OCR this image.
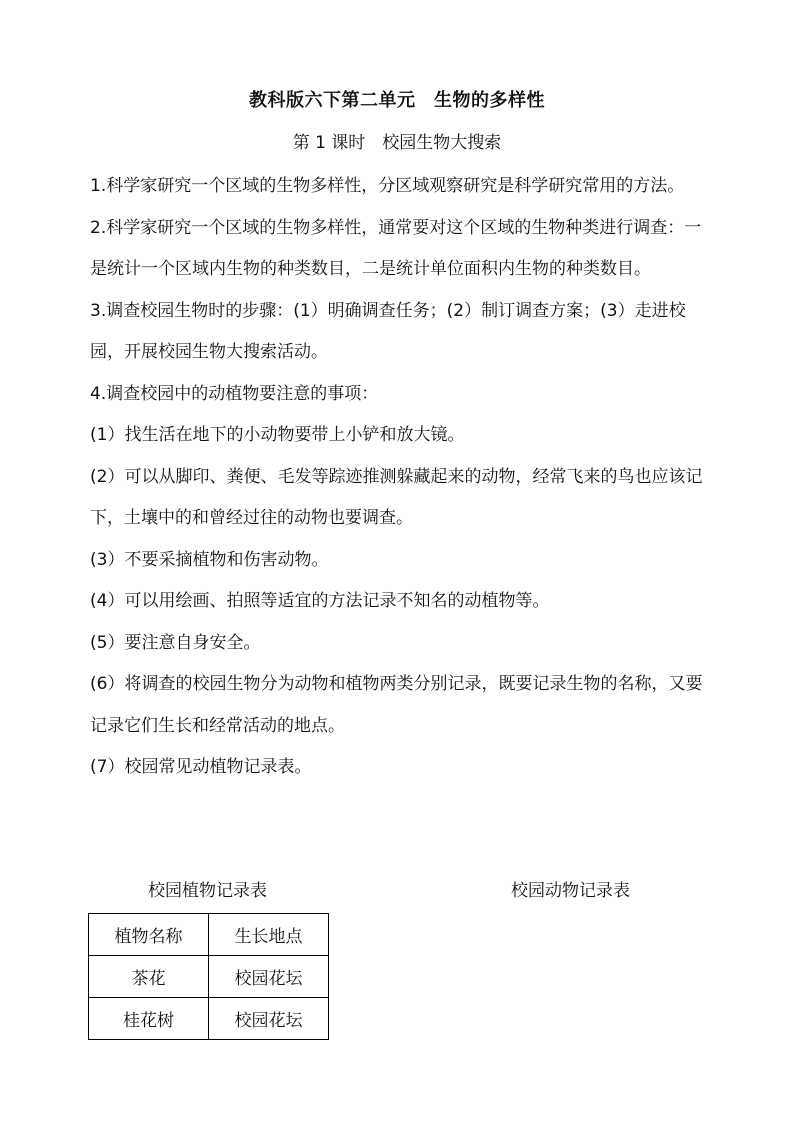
教科版六下第二单元　生物的多样性
第 1 课时　校园生物大搜索

1.科学家研究一个区域的生物多样性，分区域观察研究是科学研究常用的方法。

2.科学家研究一个区域的生物多样性，通常要对这个区域的生物种类进行调查：一是统计一个区域内生物的种类数目，二是统计单位面积内生物的种类数目。

3.调查校园生物时的步骤：(1）明确调查任务；(2）制订调查方案；(3）走进校园，开展校园生物大搜索活动。

4.调查校园中的动植物要注意的事项：

(1）找生活在地下的小动物要带上小铲和放大镜。

(2）可以从脚印、粪便、毛发等踪迹推测躲藏起来的动物，经常飞来的鸟也应该记下，土壤中的和曾经过往的动物也要调查。

(3）不要采摘植物和伤害动物。

(4）可以用绘画、拍照等适宜的方法记录不知名的动植物等。

(5）要注意自身安全。

(6）将调查的校园生物分为动物和植物两类分别记录，既要记录生物的名称，又要记录它们生长和经常活动的地点。

(7）校园常见动植物记录表。

校园植物记录表	校园动物记录表
植物名称	生长地点
茶花	校园花坛
桂花树	校园花坛
